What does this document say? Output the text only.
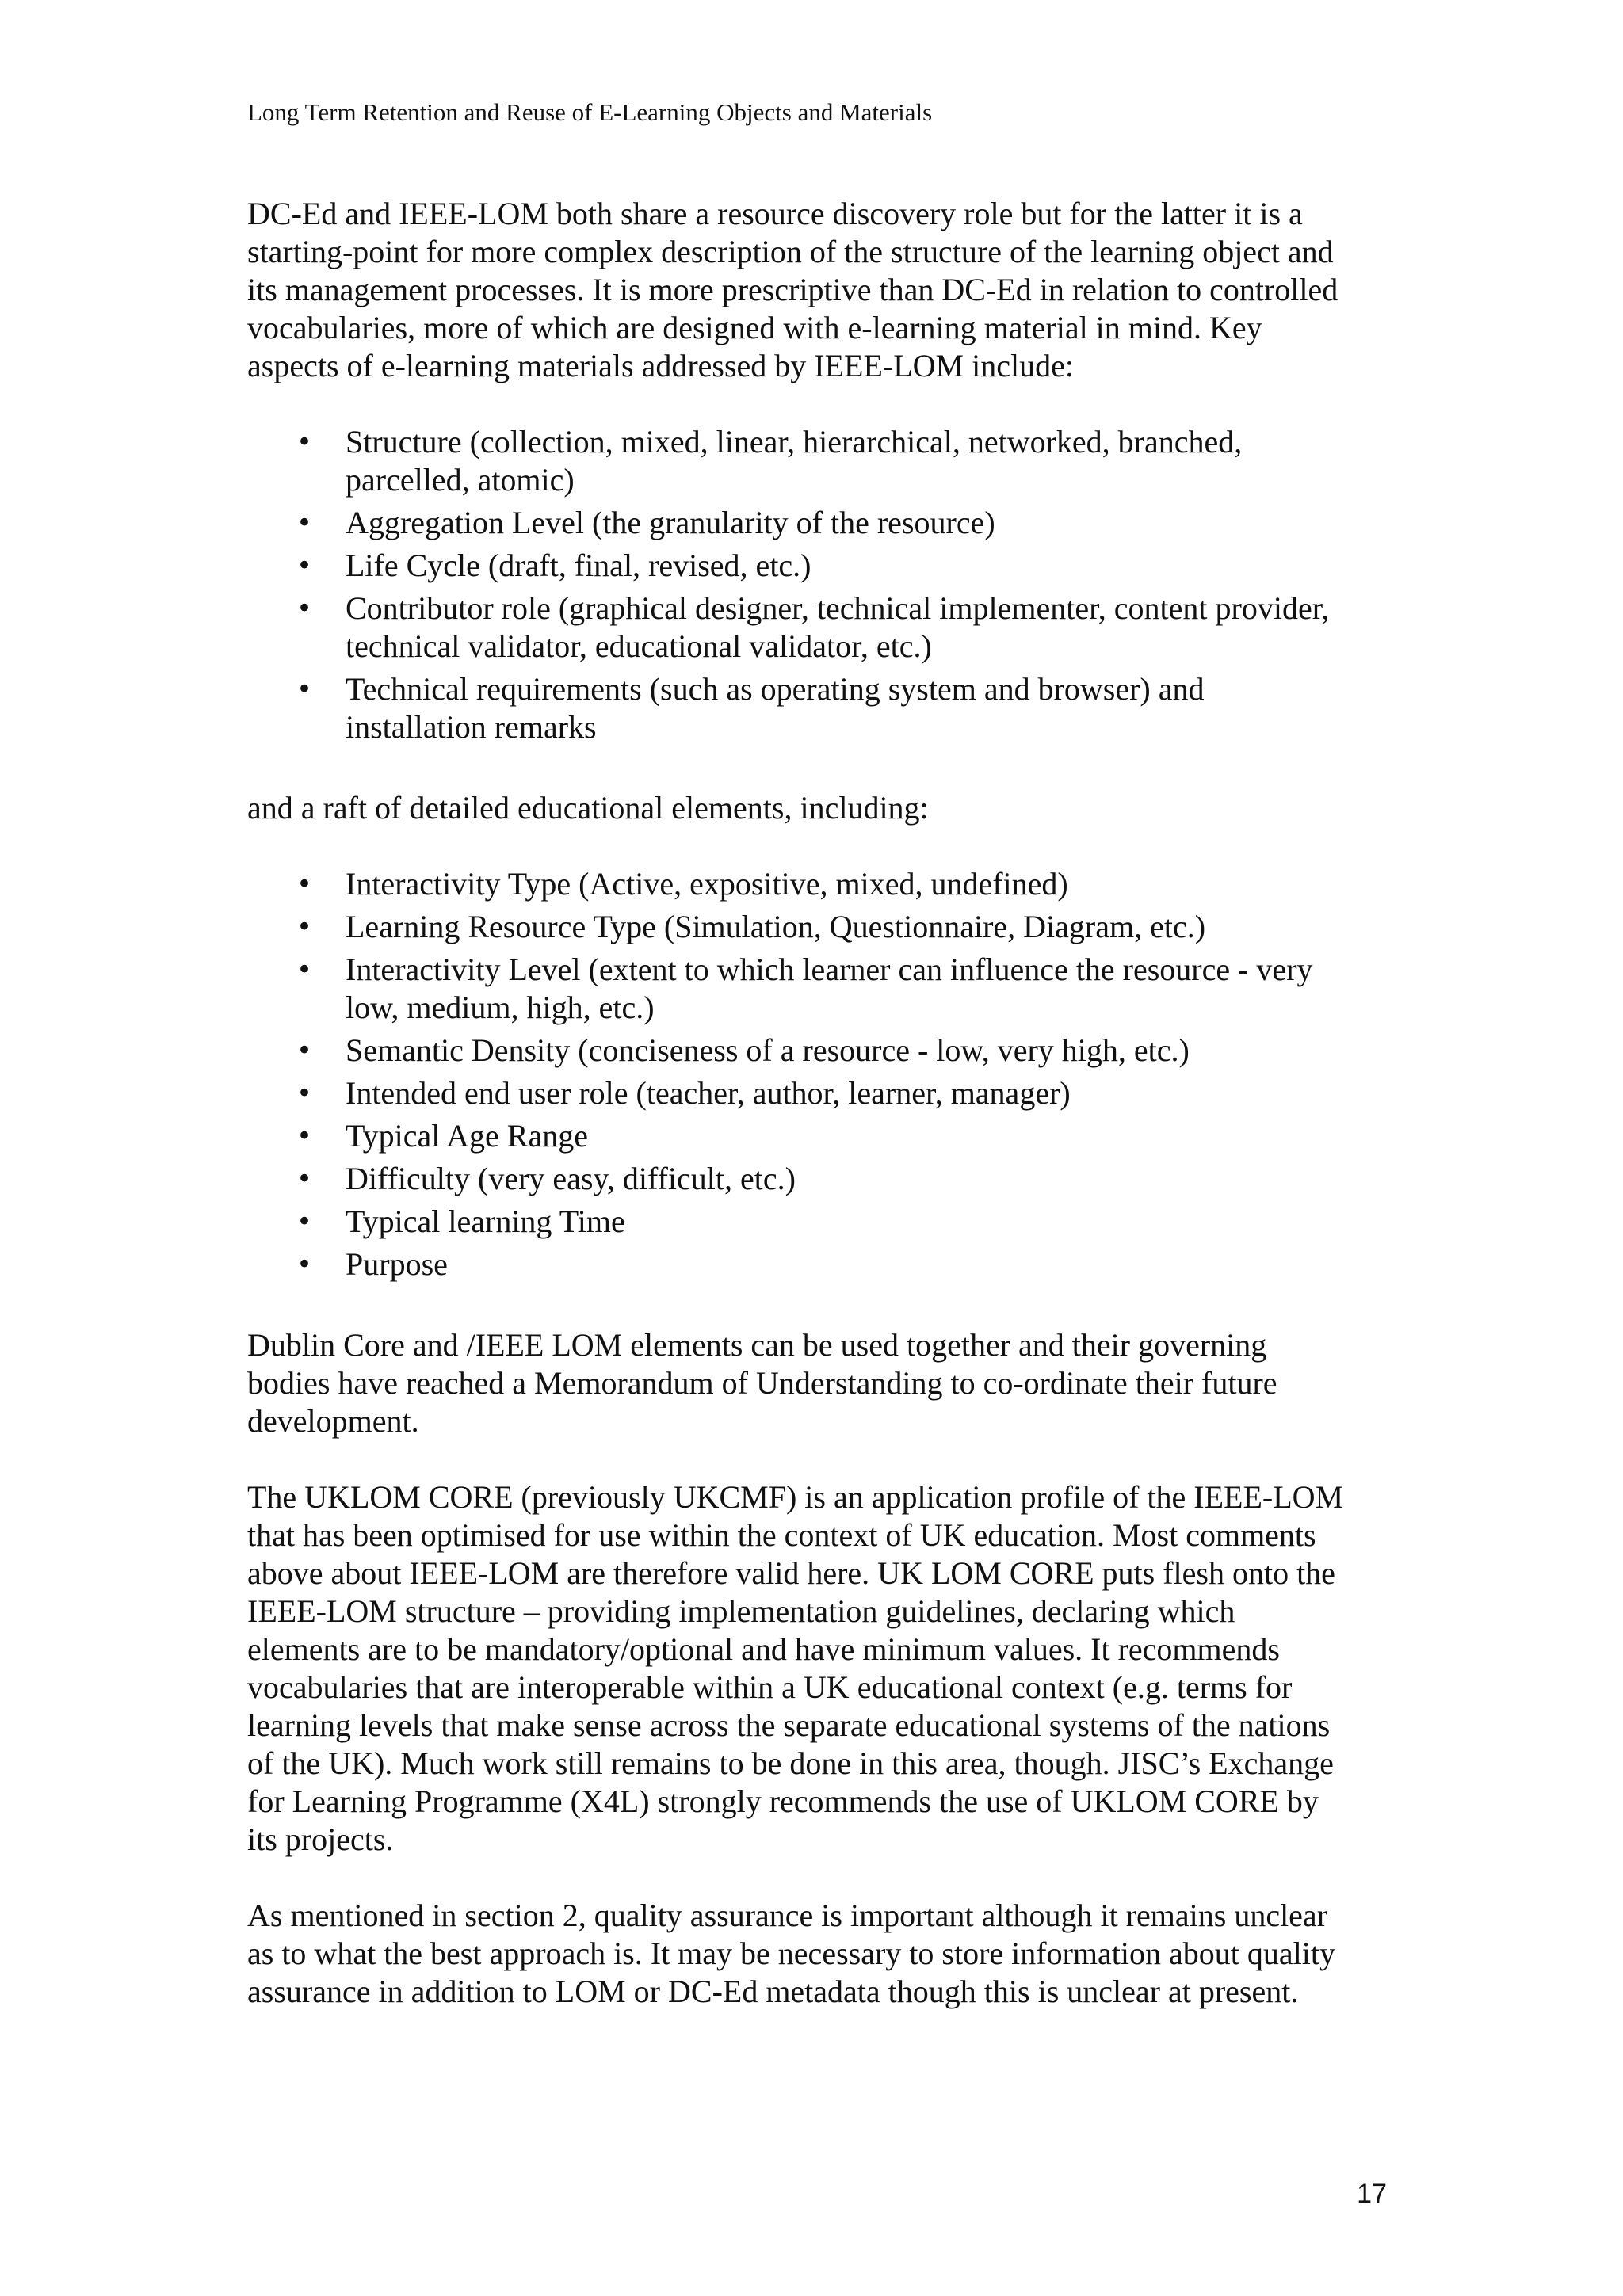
Long Term Retention and Reuse of E-Learning Objects and Materials

DC-Ed and IEEE-LOM both share a resource discovery role but for the latter it is a
starting-point for more complex description of the structure of the learning object and
its management processes. It is more prescriptive than DC-Ed in relation to controlled
vocabularies, more of which are designed with e-learning material in mind. Key
aspects of e-learning materials addressed by IEEE-LOM include:

•	Structure (collection, mixed, linear, hierarchical, networked, branched,
parcelled, atomic)
•	Aggregation Level (the granularity of the resource)
•	Life Cycle (draft, final, revised, etc.)
•	Contributor role (graphical designer, technical implementer, content provider,
technical validator, educational validator, etc.)
•	Technical requirements (such as operating system and browser) and
installation remarks

and a raft of detailed educational elements, including:

•	Interactivity Type (Active, expositive, mixed, undefined)
•	Learning Resource Type (Simulation, Questionnaire, Diagram, etc.)
•	Interactivity Level (extent to which learner can influence the resource - very
low, medium, high, etc.)
•	Semantic Density (conciseness of a resource - low, very high, etc.)
•	Intended end user role (teacher, author, learner, manager)
•	Typical Age Range
•	Difficulty (very easy, difficult, etc.)
•	Typical learning Time
•	Purpose

Dublin Core and /IEEE LOM elements can be used together and their governing
bodies have reached a Memorandum of Understanding to co-ordinate their future
development.

The UKLOM CORE (previously UKCMF) is an application profile of the IEEE-LOM
that has been optimised for use within the context of UK education. Most comments
above about IEEE-LOM are therefore valid here. UK LOM CORE puts flesh onto the
IEEE-LOM structure – providing implementation guidelines, declaring which
elements are to be mandatory/optional and have minimum values. It recommends
vocabularies that are interoperable within a UK educational context (e.g. terms for
learning levels that make sense across the separate educational systems of the nations
of the UK). Much work still remains to be done in this area, though. JISC’s Exchange
for Learning Programme (X4L) strongly recommends the use of UKLOM CORE by
its projects.

As mentioned in section 2, quality assurance is important although it remains unclear
as to what the best approach is. It may be necessary to store information about quality
assurance in addition to LOM or DC-Ed metadata though this is unclear at present.

17
